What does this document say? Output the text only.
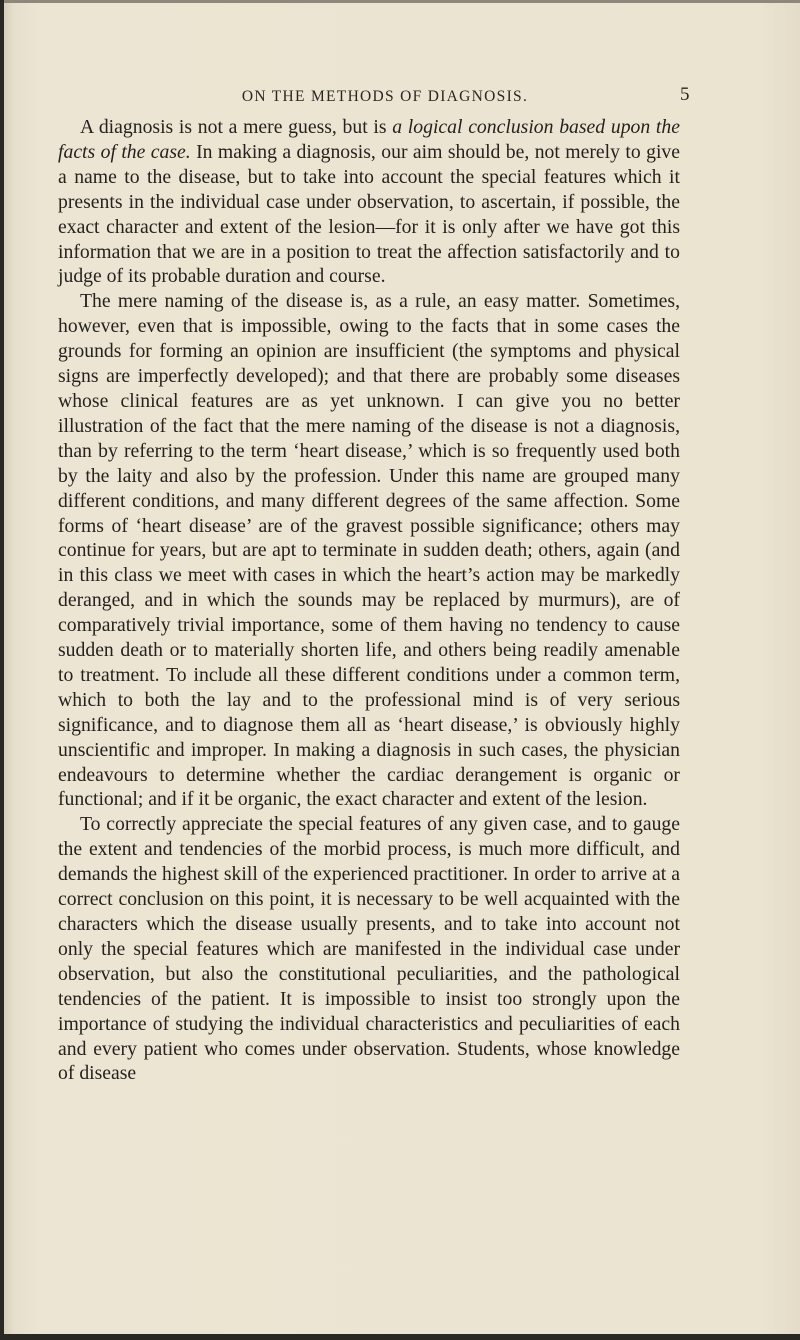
ON THE METHODS OF DIAGNOSIS.	5

A diagnosis is not a mere guess, but is a logical conclusion based upon the facts of the case. In making a diagnosis, our aim should be, not merely to give a name to the disease, but to take into account the special features which it presents in the individual case under observation, to ascertain, if possible, the exact character and extent of the lesion—for it is only after we have got this information that we are in a position to treat the affection satisfactorily and to judge of its probable duration and course.

The mere naming of the disease is, as a rule, an easy matter. Sometimes, however, even that is impossible, owing to the facts that in some cases the grounds for forming an opinion are insufficient (the symptoms and physical signs are imperfectly developed); and that there are probably some diseases whose clinical features are as yet unknown. I can give you no better illustration of the fact that the mere naming of the disease is not a diagnosis, than by referring to the term ‘heart disease,’ which is so frequently used both by the laity and also by the profession. Under this name are grouped many different conditions, and many different degrees of the same affection. Some forms of ‘heart disease’ are of the gravest possible significance; others may continue for years, but are apt to terminate in sudden death; others, again (and in this class we meet with cases in which the heart’s action may be markedly deranged, and in which the sounds may be replaced by murmurs), are of comparatively trivial importance, some of them having no tendency to cause sudden death or to materially shorten life, and others being readily amenable to treatment. To include all these different conditions under a common term, which to both the lay and to the professional mind is of very serious significance, and to diagnose them all as ‘heart disease,’ is obviously highly unscientific and improper. In making a diagnosis in such cases, the physician endeavours to determine whether the cardiac derangement is organic or functional; and if it be organic, the exact character and extent of the lesion.

To correctly appreciate the special features of any given case, and to gauge the extent and tendencies of the morbid process, is much more difficult, and demands the highest skill of the experienced practitioner. In order to arrive at a correct conclusion on this point, it is necessary to be well acquainted with the characters which the disease usually presents, and to take into account not only the special features which are manifested in the individual case under observation, but also the constitutional peculiarities, and the pathological tendencies of the patient. It is impossible to insist too strongly upon the importance of studying the individual characteristics and peculiarities of each and every patient who comes under observation. Students, whose knowledge of disease
